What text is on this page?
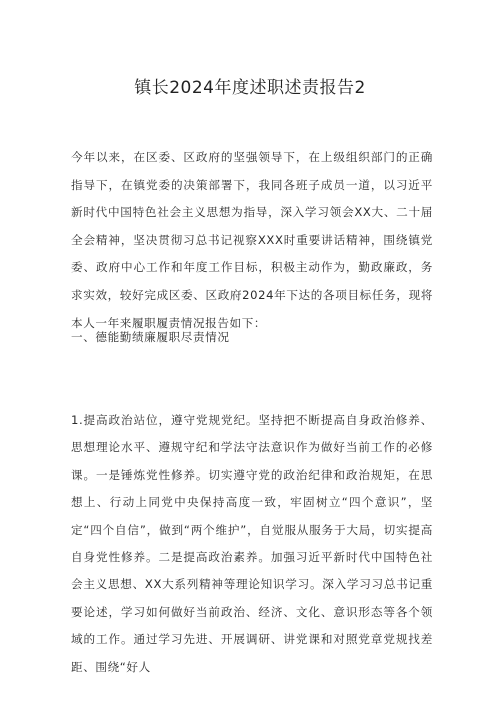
镇长2024年度述职述责报告2
今年以来，在区委、区政府的坚强领导下，在上级组织部门的正确指导下，在镇党委的决策部署下，我同各班子成员一道，以习近平新时代中国特色社会主义思想为指导，深入学习领会XX大、二十届全会精神，坚决贯彻习总书记视察XXX时重要讲话精神，围绕镇党委、政府中心工作和年度工作目标，积极主动作为，勤政廉政，务求实效，较好完成区委、区政府2024年下达的各项目标任务，现将本人一年来履职履责情况报告如下：
一、德能勤绩廉履职尽责情况
1.提高政治站位，遵守党规党纪。坚持把不断提高自身政治修养、思想理论水平、遵规守纪和学法守法意识作为做好当前工作的必修课。一是锤炼党性修养。切实遵守党的政治纪律和政治规矩，在思想上、行动上同党中央保持高度一致，牢固树立“四个意识”，坚定“四个自信”，做到“两个维护”，自觉服从服务于大局，切实提高自身党性修养。二是提高政治素养。加强习近平新时代中国特色社会主义思想、XX大系列精神等理论知识学习。深入学习习总书记重要论述，学习如何做好当前政治、经济、文化、意识形态等各个领域的工作。通过学习先进、开展调研、讲党课和对照党章党规找差距、围绕“好人
